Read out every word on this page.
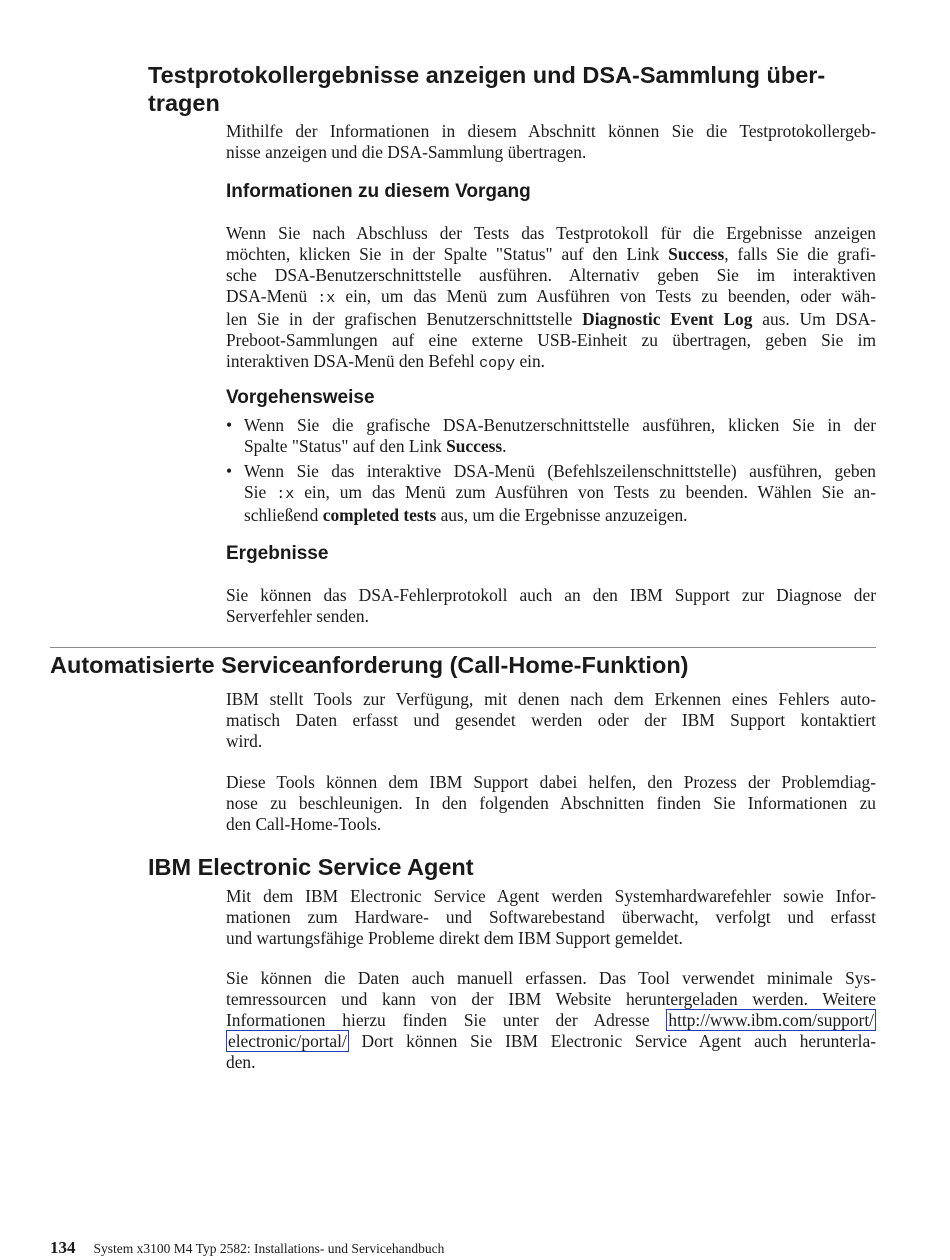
Testprotokollergebnisse anzeigen und DSA-Sammlung über-
tragen
Mithilfe der Informationen in diesem Abschnitt können Sie die Testprotokollergeb-
nisse anzeigen und die DSA-Sammlung übertragen.
Informationen zu diesem Vorgang
Wenn Sie nach Abschluss der Tests das Testprotokoll für die Ergebnisse anzeigen
möchten, klicken Sie in der Spalte "Status" auf den Link Success, falls Sie die grafi-
sche DSA-Benutzerschnittstelle ausführen. Alternativ geben Sie im interaktiven
DSA-Menü :x ein, um das Menü zum Ausführen von Tests zu beenden, oder wäh-
len Sie in der grafischen Benutzerschnittstelle Diagnostic Event Log aus. Um DSA-
Preboot-Sammlungen auf eine externe USB-Einheit zu übertragen, geben Sie im
interaktiven DSA-Menü den Befehl copy ein.
Vorgehensweise
• Wenn Sie die grafische DSA-Benutzerschnittstelle ausführen, klicken Sie in der
Spalte "Status" auf den Link Success.
• Wenn Sie das interaktive DSA-Menü (Befehlszeilenschnittstelle) ausführen, geben
Sie :x ein, um das Menü zum Ausführen von Tests zu beenden. Wählen Sie an-
schließend completed tests aus, um die Ergebnisse anzuzeigen.
Ergebnisse
Sie können das DSA-Fehlerprotokoll auch an den IBM Support zur Diagnose der
Serverfehler senden.
Automatisierte Serviceanforderung (Call-Home-Funktion)
IBM stellt Tools zur Verfügung, mit denen nach dem Erkennen eines Fehlers auto-
matisch Daten erfasst und gesendet werden oder der IBM Support kontaktiert
wird.
Diese Tools können dem IBM Support dabei helfen, den Prozess der Problemdiag-
nose zu beschleunigen. In den folgenden Abschnitten finden Sie Informationen zu
den Call-Home-Tools.
IBM Electronic Service Agent
Mit dem IBM Electronic Service Agent werden Systemhardwarefehler sowie Infor-
mationen zum Hardware- und Softwarebestand überwacht, verfolgt und erfasst
und wartungsfähige Probleme direkt dem IBM Support gemeldet.
Sie können die Daten auch manuell erfassen. Das Tool verwendet minimale Sys-
temressourcen und kann von der IBM Website heruntergeladen werden. Weitere
Informationen hierzu finden Sie unter der Adresse http://www.ibm.com/support/
electronic/portal/ Dort können Sie IBM Electronic Service Agent auch herunterla-
den.
134 System x3100 M4 Typ 2582: Installations- und Servicehandbuch
